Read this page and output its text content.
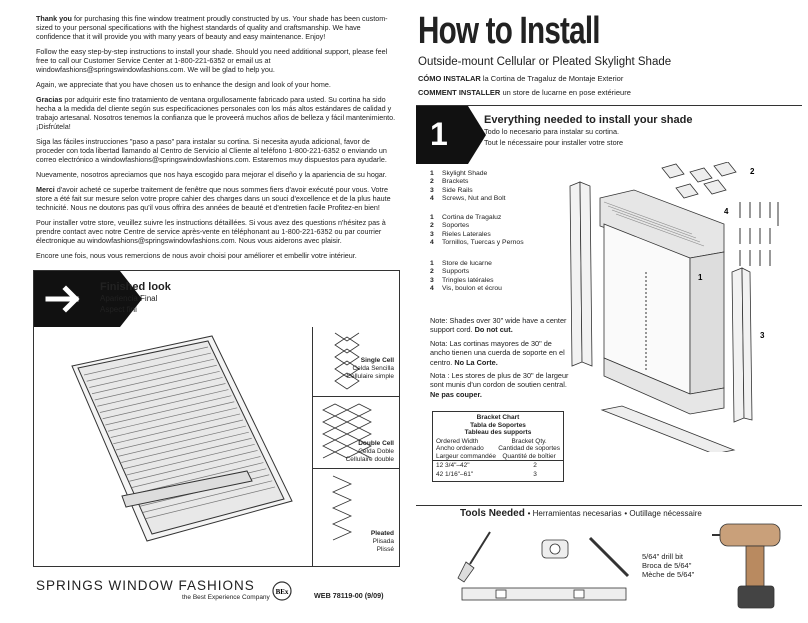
Thank you for purchasing this fine window treatment proudly constructed by us. Your shade has been custom-sized to your personal specifications with the highest standards of quality and craftsmanship. We have confidence that it will provide you with many years of beauty and easy maintenance. Enjoy!

Follow the easy step-by-step instructions to install your shade. Should you need additional support, please feel free to call our Customer Service Center at 1-800-221-6352 or email us at windowfashions@springswindowfashions.com. We will be glad to help you.

Again, we appreciate that you have chosen us to enhance the design and look of your home.

Gracias por adquirir este fino tratamiento de ventana orgullosamente fabricado para usted. Su cortina ha sido hecha a la medida del cliente según sus especificaciones personales con los más altos estándares de calidad y trabajo artesanal. Nosotros tenemos la confianza que le proveerá muchos años de belleza y fácil mantenimiento. ¡Disfrútela!

Siga las fáciles instrucciones "paso a paso" para instalar su cortina. Si necesita ayuda adicional, favor de proceder con toda libertad llamando al Centro de Servicio al Cliente al teléfono 1-800-221-6352 o enviando un correo electrónico a windowfashions@springswindowfashions.com. Estaremos muy dispuestos para ayudarle.

Nuevamente, nosotros apreciamos que nos haya escogido para mejorar el diseño y la apariencia de su hogar.

Merci d'avoir acheté ce superbe traitement de fenêtre que nous sommes fiers d'avoir exécuté pour vous. Votre store a été fait sur mesure selon votre propre cahier des charges dans un souci d'excellence et de la plus haute technicité. Nous ne doutons pas qu'il vous offrira des années de beauté et d'entretien facile Profitez-en bien!

Pour installer votre store, veuillez suivre les instructions détaillées. Si vous avez des questions n'hésitez pas à prendre contact avec notre Centre de service après-vente en téléphonant au 1-800-221-6352 ou par courrier électronique au windowfashions@springswindowfashions.com. Nous vous aiderons avec plaisir.

Encore une fois, nous vous remercions de nous avoir choisi pour améliorer et embellir votre intérieur.

Finished look
Apariencia Final
Aspect fini
Single Cell
Celda Sencilla
Cellulaire simple
Double Cell
Celda Doble
Cellulaire double
Pleated
Plisada
Plissé
SPRINGS WINDOW FASHIONS
the Best Experience Company
BEx	WEB 78119-00 (9/09)
How to Install
Outside-mount Cellular or Pleated Skylight Shade
CÓMO INSTALAR la Cortina de Tragaluz de Montaje Exterior
COMMENT INSTALLER un store de lucarne en pose extérieure
1	Everything needed to install your shade
Todo lo necesario para instalar su cortina.
Tout le nécessaire pour installer votre store
1 Skylight Shade
2 Brackets
3 Side Rails
4 Screws, Nut and Bolt
1 Cortina de Tragaluz
2 Soportes
3 Rieles Laterales
4 Tornillos, Tuercas y Pernos
1 Store de lucarne
2 Supports
3 Tringles latérales
4 Vis, boulon et écrou

Note: Shades over 30" wide have a center support cord. Do not cut.

Nota: Las cortinas mayores de 30" de ancho tienen una cuerda de soporte en el centro. No La Corte.

Nota : Les stores de plus de 30" de largeur sont munis d'un cordon de soutien central. Ne pas couper.

Bracket Chart
Tabla de Soportes
Tableau des supports
Ordered Width
Ancho ordenado
Largeur commandée
Bracket Qty.
Cantidad de soportes
Quantité de boîtier
12 3/4"–42"	2
42 1/16"–61"	3
2
1
3
4
Tools Needed • Herramientas necesarias • Outillage nécessaire
5/64" drill bit
Broca de 5/64"
Mèche de 5/64"
